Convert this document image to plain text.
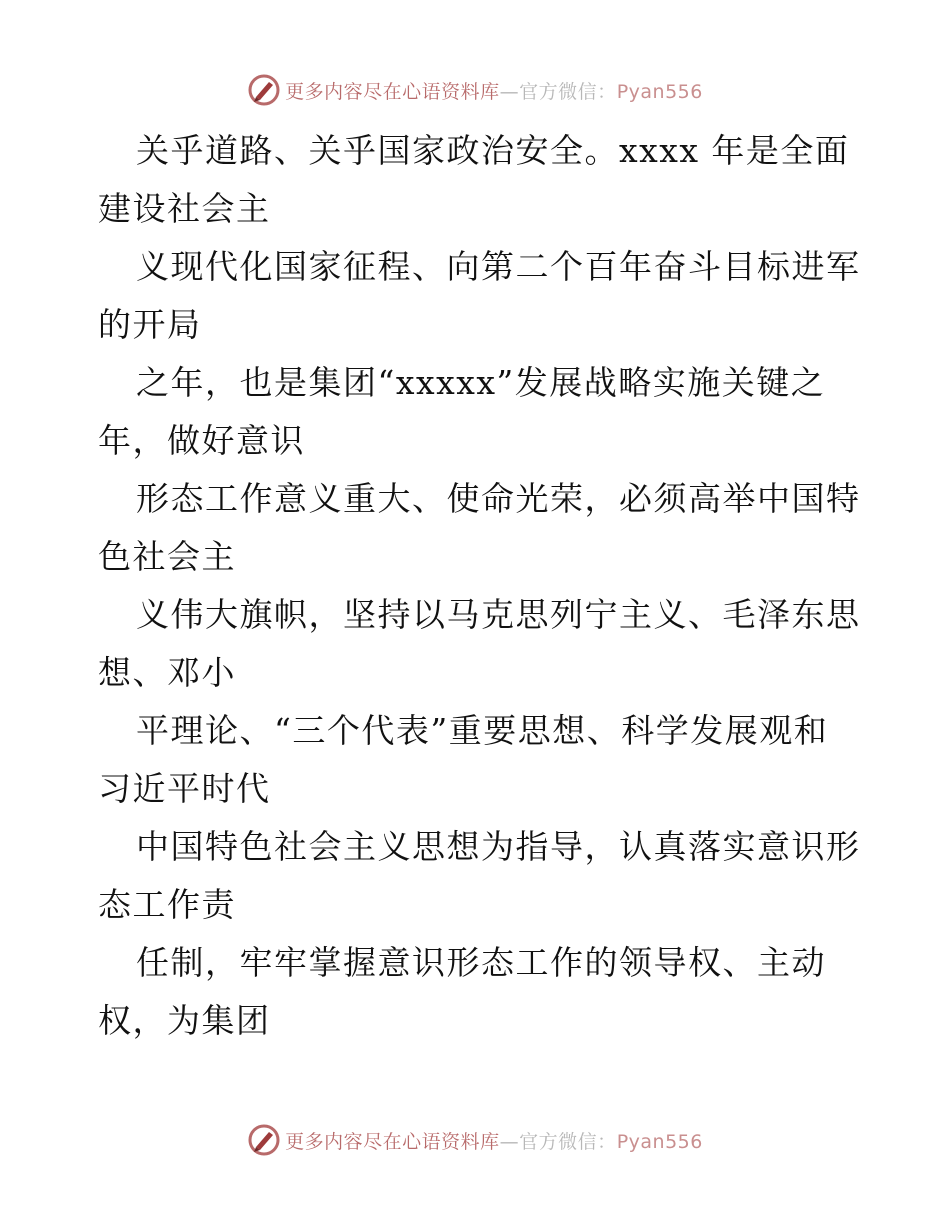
更多内容尽在心语资料库—官方微信：Pyan556

关乎道路、关乎国家政治安全。xxxx 年是全面
建设社会主

义现代化国家征程、向第二个百年奋斗目标进军
的开局

之年，也是集团“xxxxx”发展战略实施关键之
年，做好意识

形态工作意义重大、使命光荣，必须高举中国特
色社会主

义伟大旗帜，坚持以马克思列宁主义、毛泽东思
想、邓小

平理论、“三个代表”重要思想、科学发展观和
习近平时代

中国特色社会主义思想为指导，认真落实意识形
态工作责

任制，牢牢掌握意识形态工作的领导权、主动
权，为集团

更多内容尽在心语资料库—官方微信：Pyan556
